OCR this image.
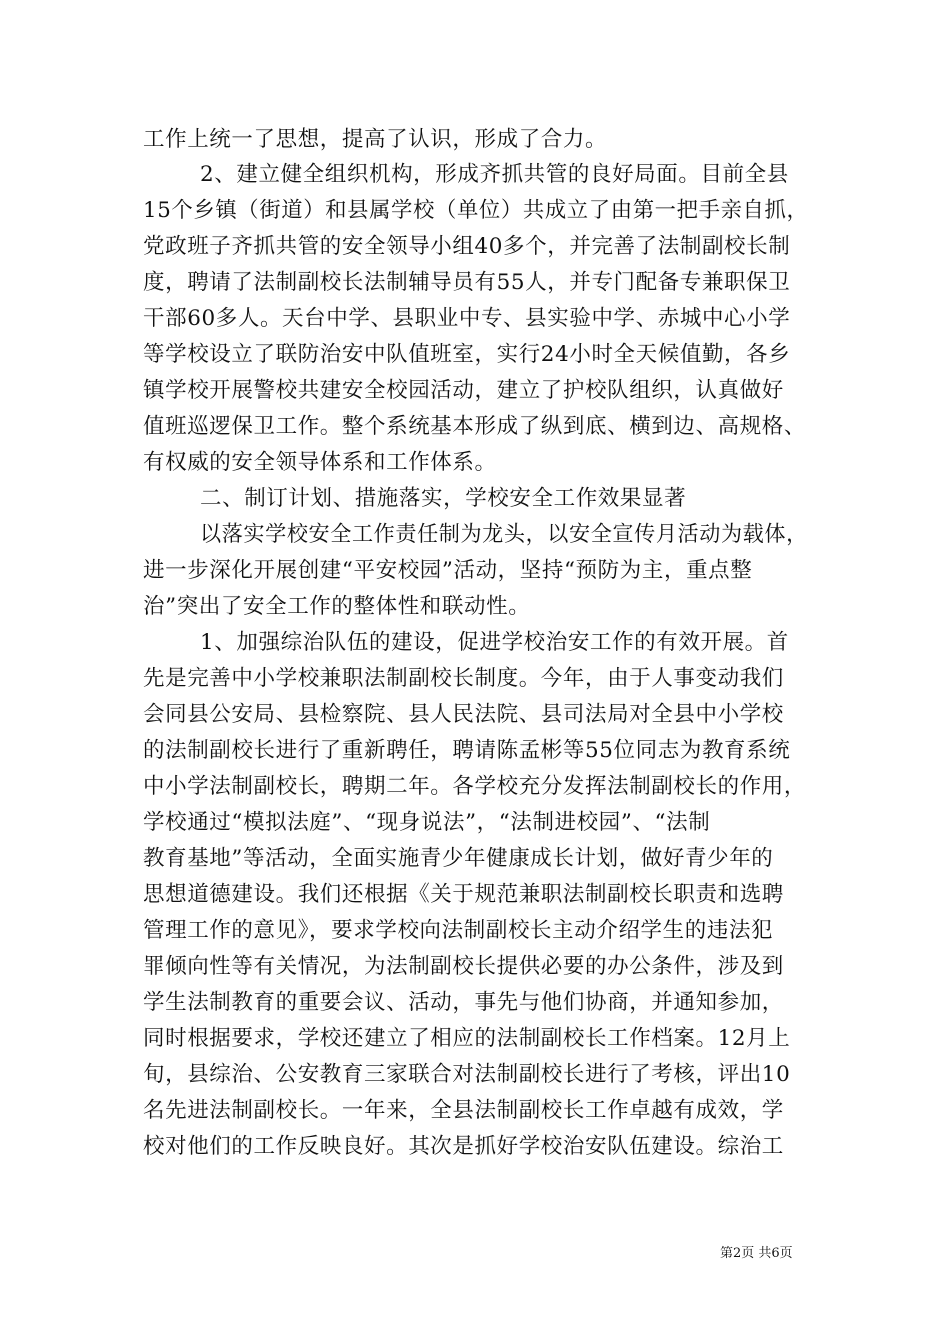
工作上统一了思想，提高了认识，形成了合力。
2、建立健全组织机构，形成齐抓共管的良好局面。目前全县
15个乡镇（街道）和县属学校（单位）共成立了由第一把手亲自抓，
党政班子齐抓共管的安全领导小组40多个，并完善了法制副校长制
度，聘请了法制副校长法制辅导员有55人，并专门配备专兼职保卫
干部60多人。天台中学、县职业中专、县实验中学、赤城中心小学
等学校设立了联防治安中队值班室，实行24小时全天候值勤，各乡
镇学校开展警校共建安全校园活动，建立了护校队组织，认真做好
值班巡逻保卫工作。整个系统基本形成了纵到底、横到边、高规格、
有权威的安全领导体系和工作体系。
二、制订计划、措施落实，学校安全工作效果显著
以落实学校安全工作责任制为龙头，以安全宣传月活动为载体，
进一步深化开展创建“平安校园”活动，坚持“预防为主，重点整
治”突出了安全工作的整体性和联动性。
1、加强综治队伍的建设，促进学校治安工作的有效开展。首
先是完善中小学校兼职法制副校长制度。今年，由于人事变动我们
会同县公安局、县检察院、县人民法院、县司法局对全县中小学校
的法制副校长进行了重新聘任，聘请陈孟彬等55位同志为教育系统
中小学法制副校长，聘期二年。各学校充分发挥法制副校长的作用，
学校通过“模拟法庭”、“现身说法”，“法制进校园”、“法制
教育基地”等活动，全面实施青少年健康成长计划，做好青少年的
思想道德建设。我们还根据《关于规范兼职法制副校长职责和选聘
管理工作的意见》，要求学校向法制副校长主动介绍学生的违法犯
罪倾向性等有关情况，为法制副校长提供必要的办公条件，涉及到
学生法制教育的重要会议、活动，事先与他们协商，并通知参加，
同时根据要求，学校还建立了相应的法制副校长工作档案。12月上
旬，县综治、公安教育三家联合对法制副校长进行了考核，评出10
名先进法制副校长。一年来，全县法制副校长工作卓越有成效，学
校对他们的工作反映良好。其次是抓好学校治安队伍建设。综治工
第2页 共6页
